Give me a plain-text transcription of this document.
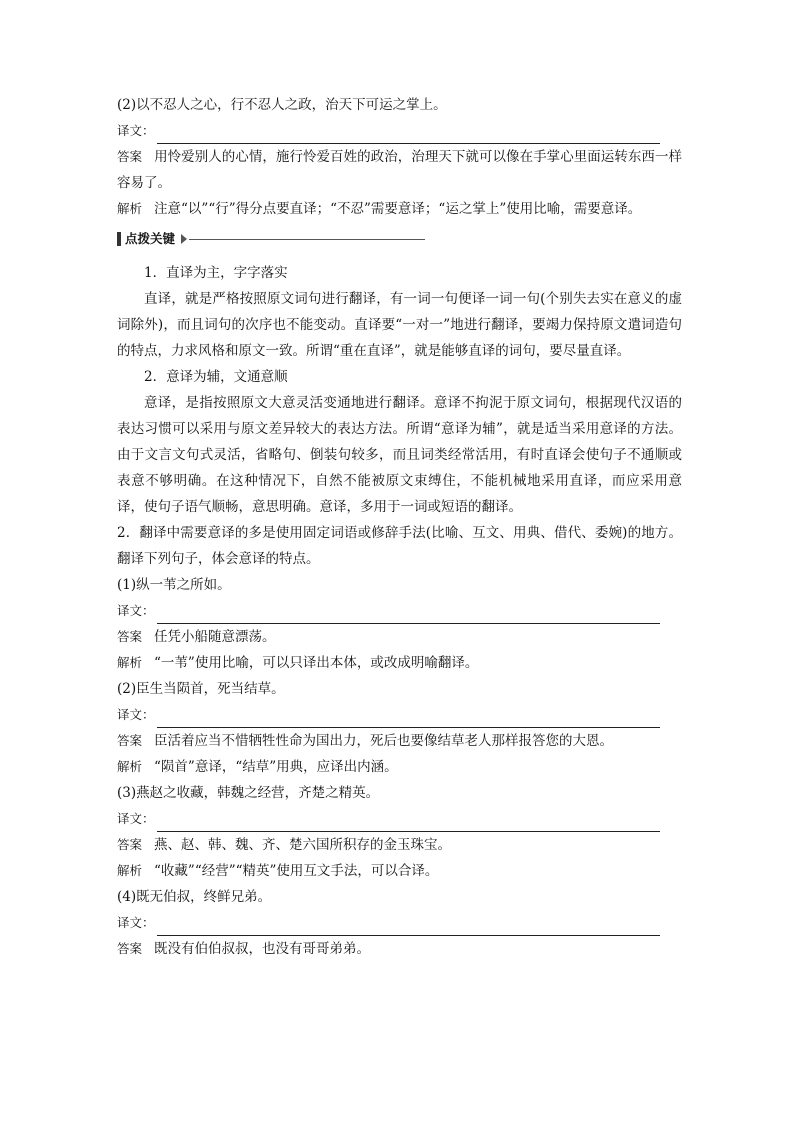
(2)以不忍人之心，行不忍人之政，治天下可运之掌上。
译文：
答案 用怜爱别人的心情，施行怜爱百姓的政治，治理天下就可以像在手掌心里面运转东西一样容易了。
解析 注意“以”“行”得分点要直译；“不忍”需要意译；“运之掌上”使用比喻，需要意译。
点拨关键
1．直译为主，字字落实
直译，就是严格按照原文词句进行翻译，有一词一句便译一词一句(个别失去实在意义的虚词除外)，而且词句的次序也不能变动。直译要“一对一”地进行翻译，要竭力保持原文遣词造句的特点，力求风格和原文一致。所谓“重在直译”，就是能够直译的词句，要尽量直译。
2．意译为辅，文通意顺
意译，是指按照原文大意灵活变通地进行翻译。意译不拘泥于原文词句，根据现代汉语的表达习惯可以采用与原文差异较大的表达方法。所谓“意译为辅”，就是适当采用意译的方法。由于文言文句式灵活，省略句、倒装句较多，而且词类经常活用，有时直译会使句子不通顺或表意不够明确。在这种情况下，自然不能被原文束缚住，不能机械地采用直译，而应采用意译，使句子语气顺畅，意思明确。意译，多用于一词或短语的翻译。
2．翻译中需要意译的多是使用固定词语或修辞手法(比喻、互文、用典、借代、委婉)的地方。翻译下列句子，体会意译的特点。
(1)纵一苇之所如。
译文：
答案 任凭小船随意漂荡。
解析 “一苇”使用比喻，可以只译出本体，或改成明喻翻译。
(2)臣生当陨首，死当结草。
译文：
答案 臣活着应当不惜牺牲性命为国出力，死后也要像结草老人那样报答您的大恩。
解析 “陨首”意译，“结草”用典，应译出内涵。
(3)燕赵之收藏，韩魏之经营，齐楚之精英。
译文：
答案 燕、赵、韩、魏、齐、楚六国所积存的金玉珠宝。
解析 “收藏”“经营”“精英”使用互文手法，可以合译。
(4)既无伯叔，终鲜兄弟。
译文：
答案 既没有伯伯叔叔，也没有哥哥弟弟。
